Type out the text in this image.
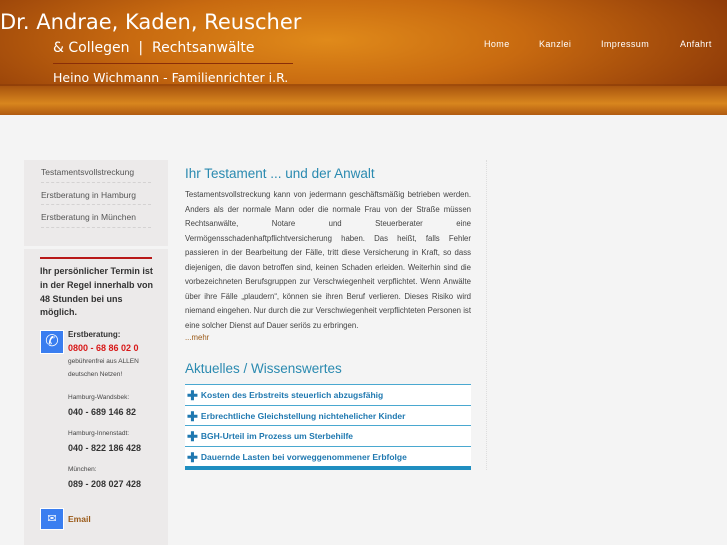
Dr. Andrae, Kaden, Reuscher
& Collegen  |  Rechtsanwälte
Heino Wichmann - Familienrichter i.R.
Home	Kanzlei	Impressum	Anfahrt
Testamentsvollstreckung
Erstberatung in Hamburg
Erstberatung in München
Ihr persönlicher Termin ist in der Regel innerhalb von 48 Stunden bei uns möglich.
✆	Erstberatung:
0800 - 68 86 02 0
gebührenfrei aus ALLEN
deutschen Netzen!
Hamburg-Wandsbek:
040 - 689 146 82
Hamburg-Innenstadt:
040 - 822 186 428
München:
089 - 208 027 428
✉	Email
Ihr Testament ... und der Anwalt
Testamentsvollstreckung kann von jedermann geschäftsmäßig betrieben werden. Anders als der normale Mann oder die normale Frau von der Straße müssen Rechtsanwälte, Notare und Steuerberater eine Vermögensschadenhaftpflichtversicherung haben. Das heißt, falls Fehler passieren in der Bearbeitung der Fälle, tritt diese Versicherung in Kraft, so dass diejenigen, die davon betroffen sind, keinen Schaden erleiden. Weiterhin sind die vorbezeichneten Berufsgruppen zur Verschwiegenheit verpflichtet. Wenn Anwälte über ihre Fälle „plaudern“, können sie ihren Beruf verlieren. Dieses Risiko wird niemand eingehen. Nur durch die zur Verschwiegenheit verpflichteten Personen ist eine solcher Dienst auf Dauer seriös zu erbringen.
...mehr
Aktuelles / Wissenswertes
✚ Kosten des Erbstreits steuerlich abzugsfähig
✚ Erbrechtliche Gleichstellung nichtehelicher Kinder
✚ BGH-Urteil im Prozess um Sterbehilfe
✚ Dauernde Lasten bei vorweggenommener Erbfolge
